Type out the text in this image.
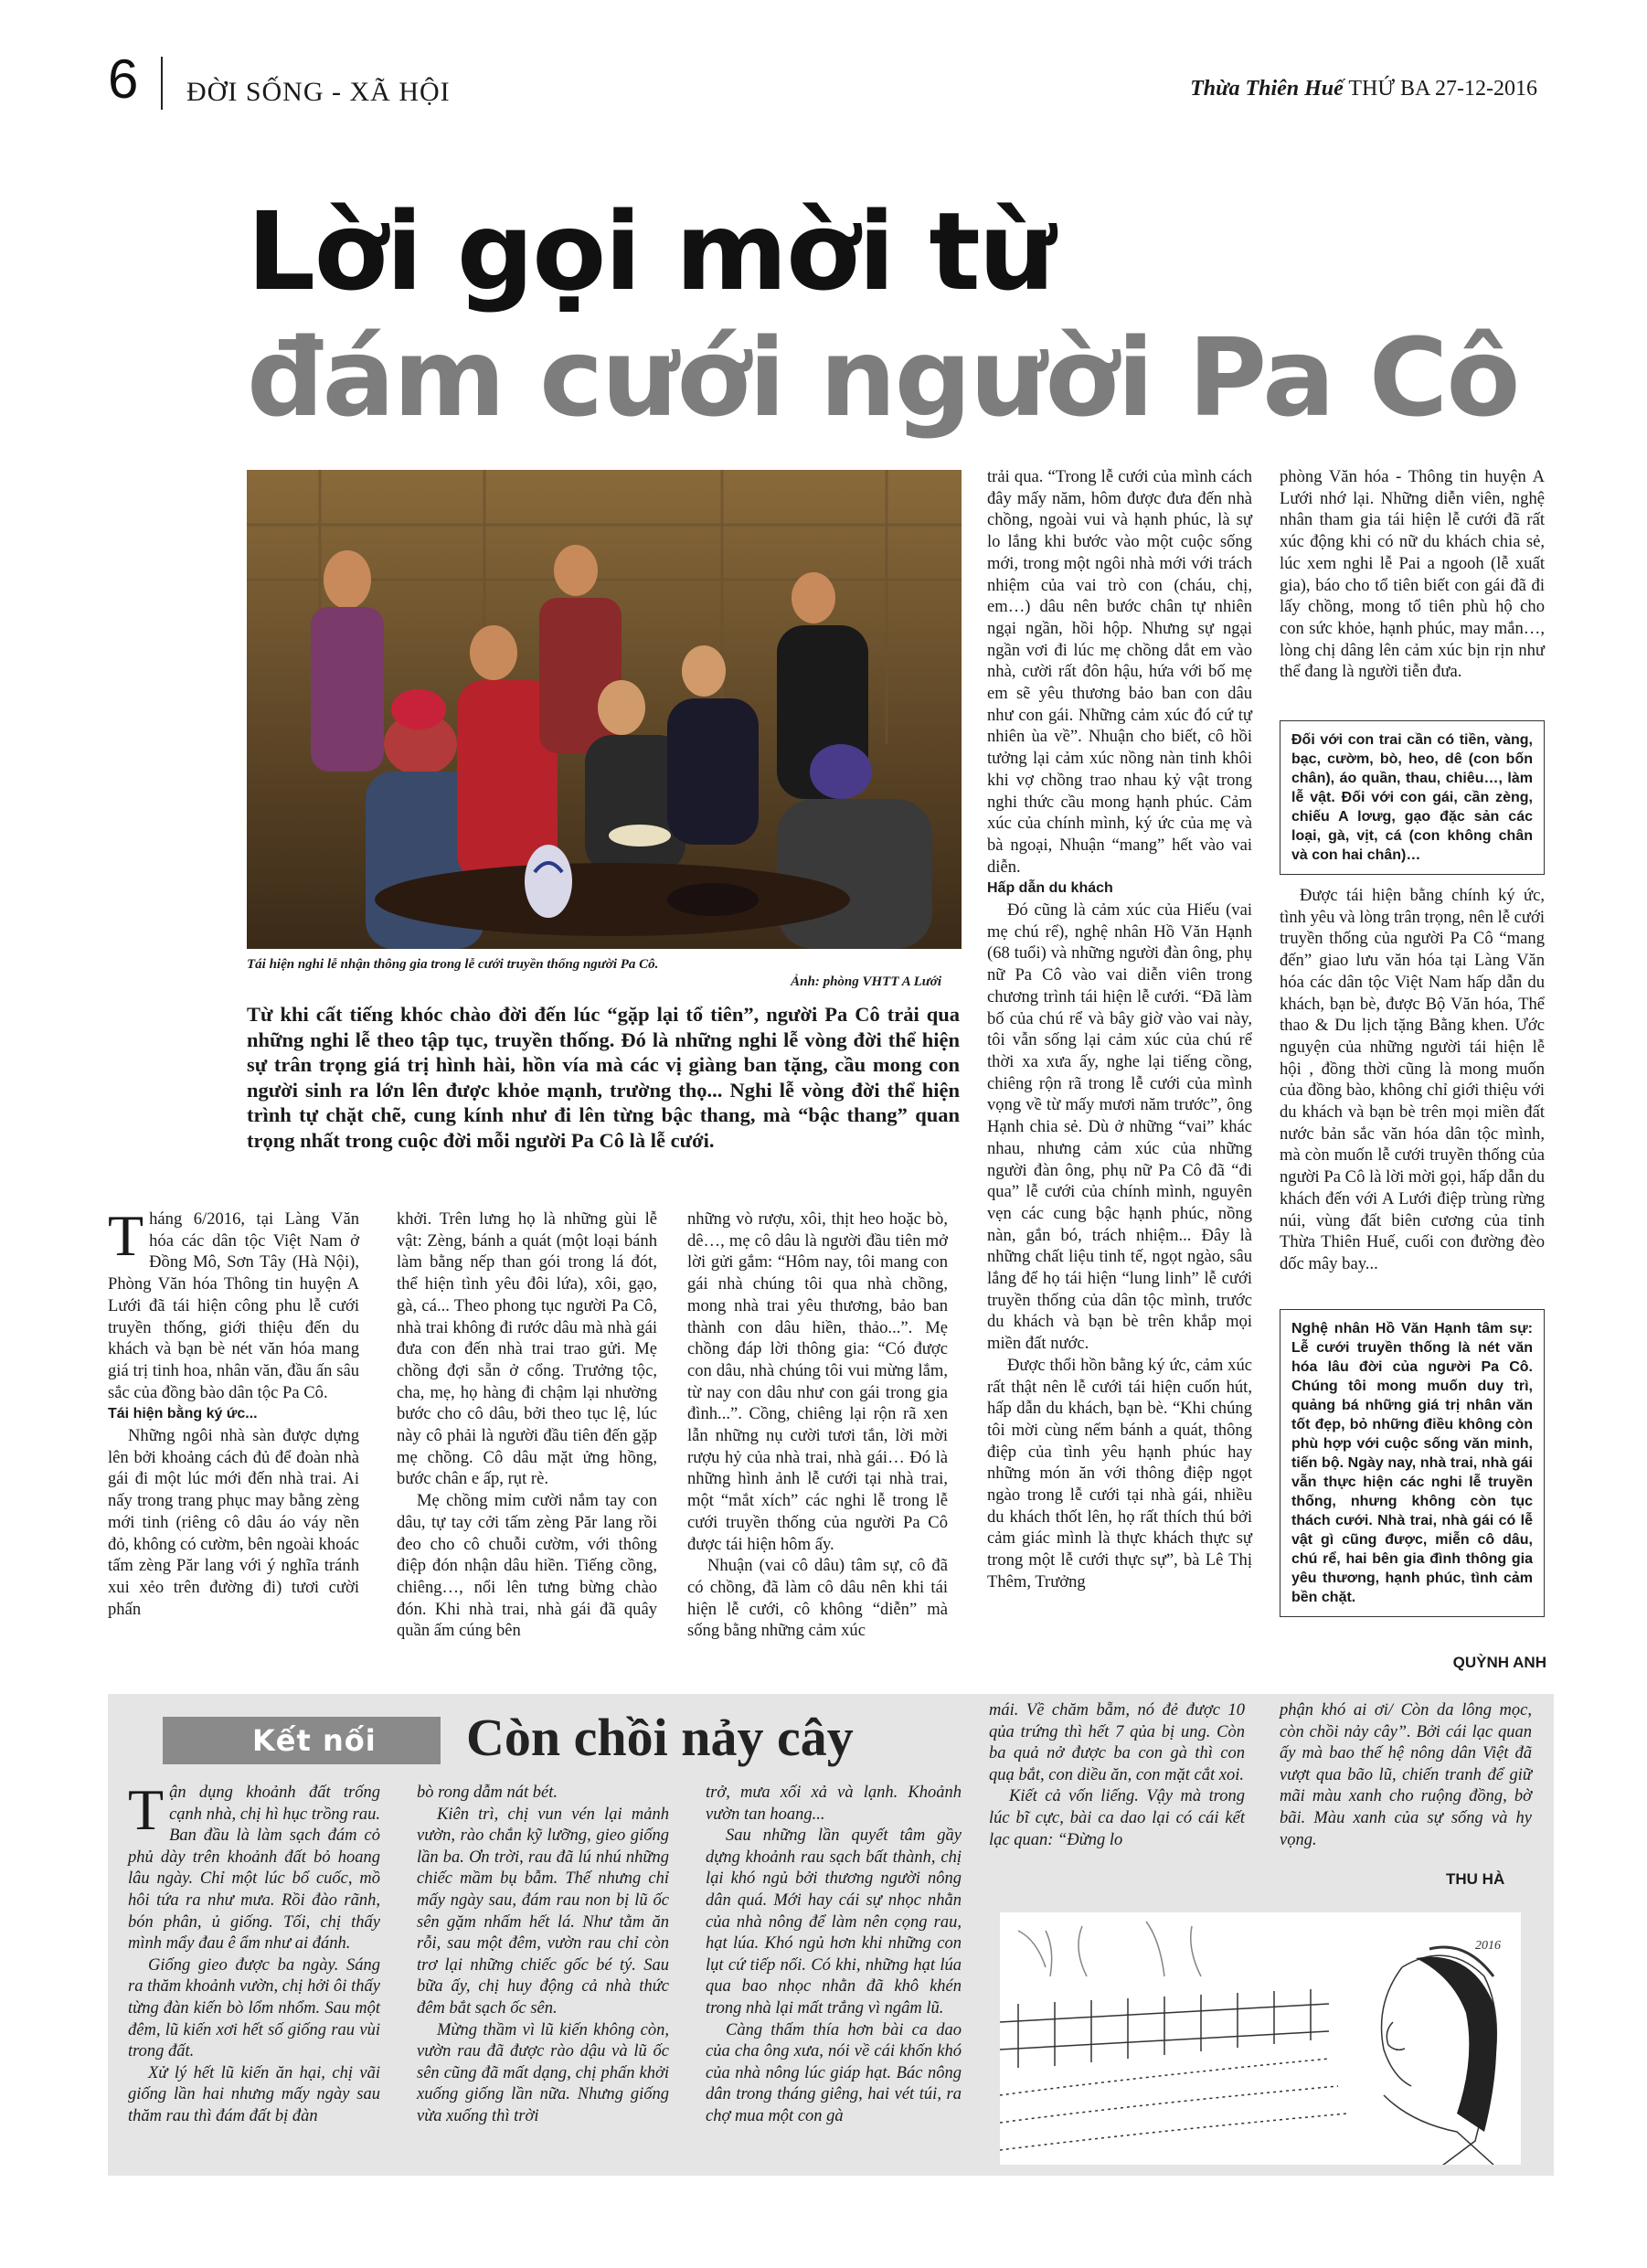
6 ĐỜI SỐNG - XÃ HỘI	Thừa Thiên Huế THỨ BA 27-12-2016
Lời gọi mời từ
đám cưới người Pa Cô
Tái hiện nghi lễ nhận thông gia trong lễ cưới truyền thống người Pa Cô.
Ảnh: phòng VHTT A Lưới
Từ khi cất tiếng khóc chào đời đến lúc “gặp lại tổ tiên”, người Pa Cô trải qua những nghi lễ theo tập tục, truyền thống. Đó là những nghi lễ vòng đời thể hiện sự trân trọng giá trị hình hài, hồn vía mà các vị giàng ban tặng, cầu mong con người sinh ra lớn lên được khỏe mạnh, trường thọ... Nghi lễ vòng đời thể hiện trình tự chặt chẽ, cung kính như đi lên từng bậc thang, mà “bậc thang” quan trọng nhất trong cuộc đời mỗi người Pa Cô là lễ cưới.

Tháng 6/2016, tại Làng Văn hóa các dân tộc Việt Nam ở Đồng Mô, Sơn Tây (Hà Nội), Phòng Văn hóa Thông tin huyện A Lưới đã tái hiện công phu lễ cưới truyền thống, giới thiệu đến du khách và bạn bè nét văn hóa mang giá trị tinh hoa, nhân văn, đầu ấn sâu sắc của đồng bào dân tộc Pa Cô.

Tái hiện bằng ký ức...

Những ngôi nhà sàn được dựng lên bởi khoảng cách đủ để đoàn nhà gái đi một lúc mới đến nhà trai. Ai nấy trong trang phục may bằng zèng mới tinh (riêng cô dâu áo váy nền đỏ, không có cườm, bên ngoài khoác tấm zèng Păr lang với ý nghĩa tránh xui xẻo trên đường đi) tươi cười phấn

khởi. Trên lưng họ là những gùi lễ vật: Zèng, bánh a quát (một loại bánh làm bằng nếp than gói trong lá đót, thể hiện tình yêu đôi lứa), xôi, gạo, gà, cá... Theo phong tục người Pa Cô, nhà trai không đi rước dâu mà nhà gái đưa con đến nhà trai trao gửi. Mẹ chồng đợi sẵn ở cổng. Trưởng tộc, cha, mẹ, họ hàng đi chậm lại nhường bước cho cô dâu, bởi theo tục lệ, lúc này cô phải là người đầu tiên đến gặp mẹ chồng. Cô dâu mặt ửng hồng, bước chân e ấp, rụt rè.

Mẹ chồng mỉm cười nắm tay con dâu, tự tay cởi tấm zèng Păr lang rồi đeo cho cô chuỗi cườm, với thông điệp đón nhận dâu hiền. Tiếng cồng, chiêng…, nổi lên tưng bừng chào đón. Khi nhà trai, nhà gái đã quây quần ấm cúng bên

những vò rượu, xôi, thịt heo hoặc bò, dê…, mẹ cô dâu là người đầu tiên mở lời gửi gắm: “Hôm nay, tôi mang con gái nhà chúng tôi qua nhà chồng, mong nhà trai yêu thương, bảo ban thành con dâu hiền, thảo...”. Mẹ chồng đáp lời thông gia: “Có được con dâu, nhà chúng tôi vui mừng lắm, từ nay con dâu như con gái trong gia đình...”. Cồng, chiêng lại rộn rã xen lẫn những nụ cười tươi tắn, lời mời rượu hỷ của nhà trai, nhà gái… Đó là những hình ảnh lễ cưới tại nhà trai, một “mắt xích” các nghi lễ trong lễ cưới truyền thống của người Pa Cô được tái hiện hôm ấy.

Nhuận (vai cô dâu) tâm sự, cô đã có chồng, đã làm cô dâu nên khi tái hiện lễ cưới, cô không “diễn” mà sống bằng những cảm xúc

trải qua. “Trong lễ cưới của mình cách đây mấy năm, hôm được đưa đến nhà chồng, ngoài vui và hạnh phúc, là sự lo lắng khi bước vào một cuộc sống mới, trong một ngôi nhà mới với trách nhiệm của vai trò con (cháu, chị, em…) dâu nên bước chân tự nhiên ngại ngần, hồi hộp. Nhưng sự ngại ngần vơi đi lúc mẹ chồng dắt em vào nhà, cười rất đôn hậu, hứa với bố mẹ em sẽ yêu thương bảo ban con dâu như con gái. Những cảm xúc đó cứ tự nhiên ùa về”. Nhuận cho biết, cô hồi tưởng lại cảm xúc nồng nàn tinh khôi khi vợ chồng trao nhau kỷ vật trong nghi thức cầu mong hạnh phúc. Cảm xúc của chính mình, ký ức của mẹ và bà ngoại, Nhuận “mang” hết vào vai diễn.

Hấp dẫn du khách

Đó cũng là cảm xúc của Hiếu (vai mẹ chú rể), nghệ nhân Hồ Văn Hạnh (68 tuổi) và những người đàn ông, phụ nữ Pa Cô vào vai diễn viên trong chương trình tái hiện lễ cưới. “Đã làm bố của chú rể và bây giờ vào vai này, tôi vẫn sống lại cảm xúc của chú rể thời xa xưa ấy, nghe lại tiếng cồng, chiêng rộn rã trong lễ cưới của mình vọng về từ mấy mươi năm trước”, ông Hạnh chia sẻ. Dù ở những “vai” khác nhau, nhưng cảm xúc của những người đàn ông, phụ nữ Pa Cô đã “đi qua” lễ cưới của chính mình, nguyên vẹn các cung bậc hạnh phúc, nồng nàn, gắn bó, trách nhiệm... Đây là những chất liệu tinh tế, ngọt ngào, sâu lắng để họ tái hiện “lung linh” lễ cưới truyền thống của dân tộc mình, trước du khách và bạn bè trên khắp mọi miền đất nước.

Được thổi hồn bằng ký ức, cảm xúc rất thật nên lễ cưới tái hiện cuốn hút, hấp dẫn du khách, bạn bè. “Khi chúng tôi mời cùng nếm bánh a quát, thông điệp của tình yêu hạnh phúc hay những món ăn với thông điệp ngọt ngào trong lễ cưới tại nhà gái, nhiều du khách thốt lên, họ rất thích thú bởi cảm giác mình là thực khách thực sự trong một lễ cưới thực sự”, bà Lê Thị Thêm, Trưởng

phòng Văn hóa - Thông tin huyện A Lưới nhớ lại. Những diễn viên, nghệ nhân tham gia tái hiện lễ cưới đã rất xúc động khi có nữ du khách chia sẻ, lúc xem nghi lễ Pai a ngooh (lễ xuất gia), báo cho tổ tiên biết con gái đã đi lấy chồng, mong tổ tiên phù hộ cho con sức khỏe, hạnh phúc, may mắn…, lòng chị dâng lên cảm xúc bịn rịn như thể đang là người tiễn đưa.

Đối với con trai cần có tiền, vàng, bạc, cườm, bò, heo, dê (con bốn chân), áo quần, thau, chiêu…, làm lễ vật. Đối với con gái, cần zèng, chiếu A lơưg, gạo đặc sản các loại, gà, vịt, cá (con không chân và con hai chân)…

Được tái hiện bằng chính ký ức, tình yêu và lòng trân trọng, nên lễ cưới truyền thống của người Pa Cô “mang đến” giao lưu văn hóa tại Làng Văn hóa các dân tộc Việt Nam hấp dẫn du khách, bạn bè, được Bộ Văn hóa, Thể thao & Du lịch tặng Bằng khen. Ước nguyện của những người tái hiện lễ hội , đồng thời cũng là mong muốn của đồng bào, không chỉ giới thiệu với du khách và bạn bè trên mọi miền đất nước bản sắc văn hóa dân tộc mình, mà còn muốn lễ cưới truyền thống của người Pa Cô là lời mời gọi, hấp dẫn du khách đến với A Lưới điệp trùng rừng núi, vùng đất biên cương của tỉnh Thừa Thiên Huế, cuối con đường đèo dốc mây bay...

Nghệ nhân Hồ Văn Hạnh tâm sự: Lễ cưới truyền thống là nét văn hóa lâu đời của người Pa Cô. Chúng tôi mong muốn duy trì, quảng bá những giá trị nhân văn tốt đẹp, bỏ những điều không còn phù hợp với cuộc sống văn minh, tiến bộ. Ngày nay, nhà trai, nhà gái vẫn thực hiện các nghi lễ truyền thống, nhưng không còn tục thách cưới. Nhà trai, nhà gái có lễ vật gì cũng được, miễn cô dâu, chú rể, hai bên gia đình thông gia yêu thương, hạnh phúc, tình cảm bền chặt.

QUỲNH ANH
Kết nối Còn chồi nảy cây

Tận dụng khoảnh đất trống cạnh nhà, chị hì hục trồng rau. Ban đầu là làm sạch đám cỏ phủ dày trên khoảnh đất bỏ hoang lâu ngày. Chỉ một lúc bổ cuốc, mồ hôi tứa ra như mưa. Rồi đào rãnh, bón phân, ủ giống. Tối, chị thấy mình mẩy đau ê ẩm như ai đánh.

Giống gieo được ba ngày. Sáng ra thăm khoảnh vườn, chị hởi ôi thấy từng đàn kiến bò lổm nhổm. Sau một đêm, lũ kiến xơi hết số giống rau vùi trong đất.

Xử lý hết lũ kiến ăn hại, chị vãi giống lần hai nhưng mấy ngày sau thăm rau thì đám đất bị đàn

bò rong dẫm nát bét.

Kiên trì, chị vun vén lại mảnh vườn, rào chắn kỹ lưỡng, gieo giống lần ba. Ơn trời, rau đã lú nhú những chiếc mầm bụ bẫm. Thế nhưng chỉ mấy ngày sau, đám rau non bị lũ ốc sên gặm nhấm hết lá. Như tằm ăn rỗi, sau một đêm, vườn rau chỉ còn trơ lại những chiếc gốc bé tý. Sau bữa ấy, chị huy động cả nhà thức đêm bắt sạch ốc sên.

Mừng thầm vì lũ kiến không còn, vườn rau đã được rào dậu và lũ ốc sên cũng đã mất dạng, chị phấn khởi xuống giống lần nữa. Nhưng giống vừa xuống thì trời

trở, mưa xối xả và lạnh. Khoảnh vườn tan hoang...

Sau những lần quyết tâm gầy dựng khoảnh rau sạch bất thành, chị lại khó ngủ bởi thương người nông dân quá. Mới hay cái sự nhọc nhằn của nhà nông để làm nên cọng rau, hạt lúa. Khó ngủ hơn khi những con lụt cứ tiếp nối. Có khi, những hạt lúa qua bao nhọc nhằn đã khô khén trong nhà lại mất trắng vì ngâm lũ.

Càng thấm thía hơn bài ca dao của cha ông xưa, nói về cái khốn khó của nhà nông lúc giáp hạt. Bác nông dân trong tháng giêng, hai vét túi, ra chợ mua một con gà

mái. Về chăm bẵm, nó đẻ được 10 qủa trứng thì hết 7 qủa bị ung. Còn ba quả nở được ba con gà thì con quạ bắt, con diều ăn, con mặt cắt xoi.

Kiết cả vốn liếng. Vậy mà trong lúc bĩ cực, bài ca dao lại có cái kết lạc quan: “Đừng lo

phận khó ai ơi/ Còn da lông mọc, còn chồi nảy cây”. Bởi cái lạc quan ấy mà bao thế hệ nông dân Việt đã vượt qua bão lũ, chiến tranh để giữ mãi màu xanh cho ruộng đồng, bờ bãi. Màu xanh của sự sống và hy vọng.

THU HÀ
2016
